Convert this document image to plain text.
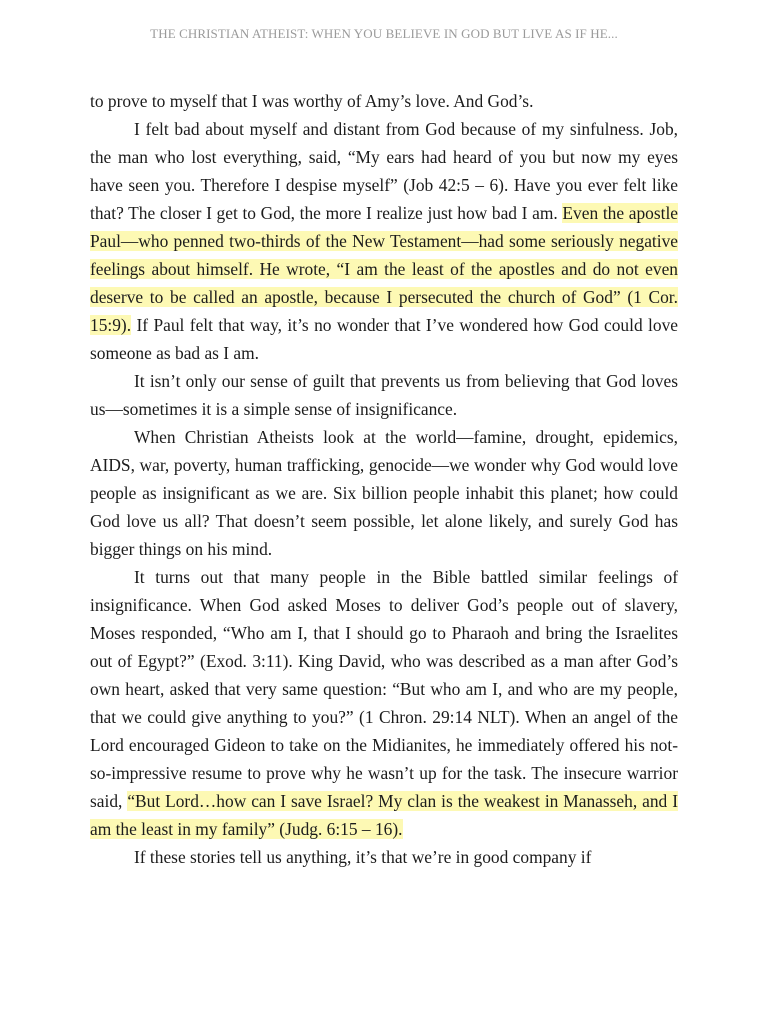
THE CHRISTIAN ATHEIST: WHEN YOU BELIEVE IN GOD BUT LIVE AS IF HE...

to prove to myself that I was worthy of Amy’s love. And God’s.

I felt bad about myself and distant from God because of my sinfulness. Job, the man who lost everything, said, “My ears had heard of you but now my eyes have seen you. Therefore I despise myself” (Job 42:5 – 6). Have you ever felt like that? The closer I get to God, the more I realize just how bad I am. Even the apostle Paul—who penned two-thirds of the New Testament—had some seriously negative feelings about himself. He wrote, “I am the least of the apostles and do not even deserve to be called an apostle, because I persecuted the church of God” (1 Cor. 15:9). If Paul felt that way, it’s no wonder that I’ve wondered how God could love someone as bad as I am.

It isn’t only our sense of guilt that prevents us from believing that God loves us—sometimes it is a simple sense of insignificance.

When Christian Atheists look at the world—famine, drought, epidemics, AIDS, war, poverty, human trafficking, genocide—we wonder why God would love people as insignificant as we are. Six billion people inhabit this planet; how could God love us all? That doesn’t seem possible, let alone likely, and surely God has bigger things on his mind.

It turns out that many people in the Bible battled similar feelings of insignificance. When God asked Moses to deliver God’s people out of slavery, Moses responded, “Who am I, that I should go to Pharaoh and bring the Israelites out of Egypt?” (Exod. 3:11). King David, who was described as a man after God’s own heart, asked that very same question: “But who am I, and who are my people, that we could give anything to you?” (1 Chron. 29:14 NLT). When an angel of the Lord encouraged Gideon to take on the Midianites, he immediately offered his not-so-impressive resume to prove why he wasn’t up for the task. The insecure warrior said, “But Lord…how can I save Israel? My clan is the weakest in Manasseh, and I am the least in my family” (Judg. 6:15 – 16).

If these stories tell us anything, it’s that we’re in good company if
